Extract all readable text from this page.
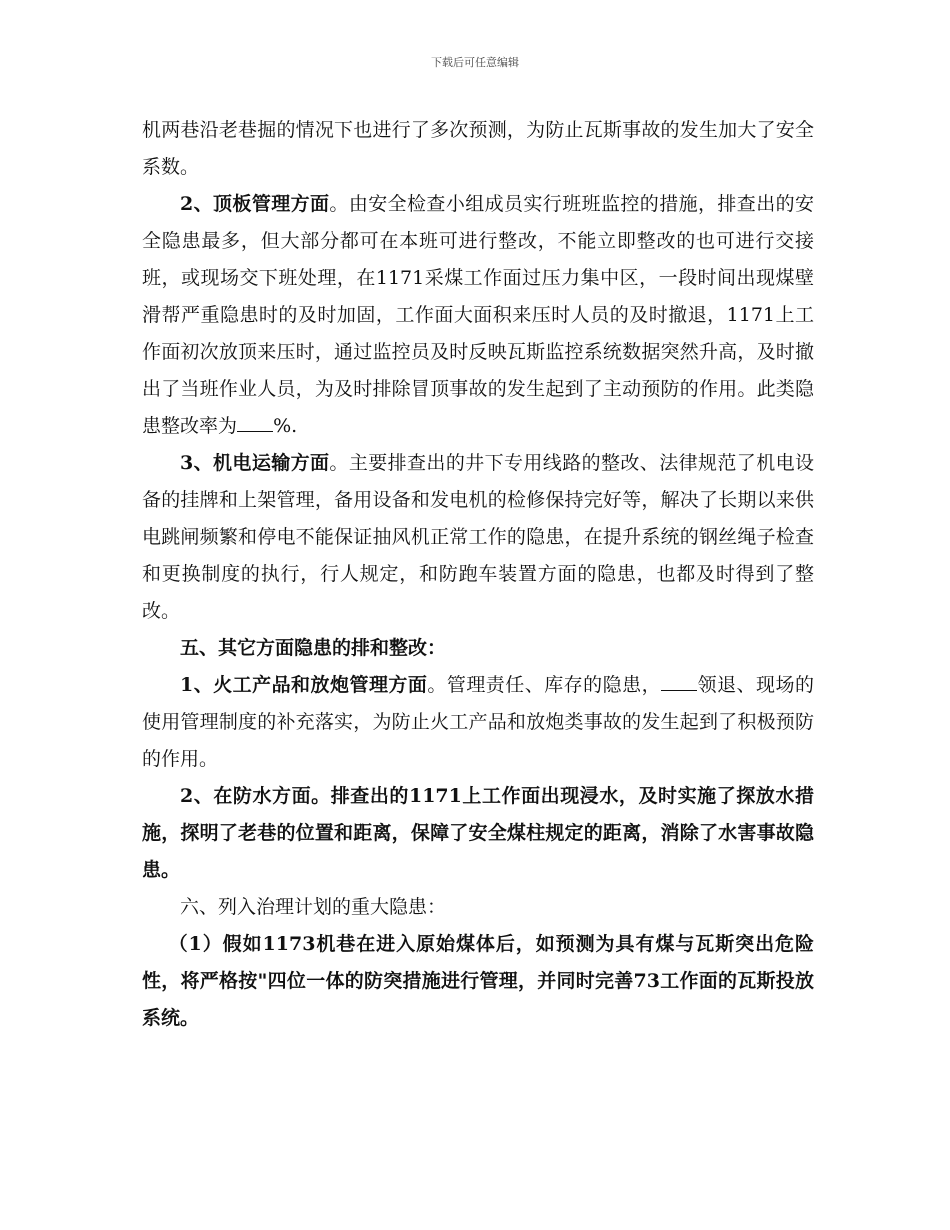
下载后可任意编辑

机两巷沿老巷掘的情况下也进行了多次预测，为防止瓦斯事故的发生加大了安全系数。

2、顶板管理方面。由安全检查小组成员实行班班监控的措施，排查出的安全隐患最多，但大部分都可在本班可进行整改，不能立即整改的也可进行交接班，或现场交下班处理，在1171采煤工作面过压力集中区，一段时间出现煤壁滑帮严重隐患时的及时加固，工作面大面积来压时人员的及时撤退，1171上工作面初次放顶来压时，通过监控员及时反映瓦斯监控系统数据突然升高，及时撤出了当班作业人员，为及时排除冒顶事故的发生起到了主动预防的作用。此类隐患整改率为 %.

3、机电运输方面。主要排查出的井下专用线路的整改、法律规范了机电设备的挂牌和上架管理，备用设备和发电机的检修保持完好等，解决了长期以来供电跳闸频繁和停电不能保证抽风机正常工作的隐患，在提升系统的钢丝绳子检查和更换制度的执行，行人规定，和防跑车装置方面的隐患，也都及时得到了整改。

五、其它方面隐患的排和整改：

1、火工产品和放炮管理方面。管理责任、库存的隐患， 领退、现场的使用管理制度的补充落实，为防止火工产品和放炮类事故的发生起到了积极预防的作用。

2、在防水方面。排查出的1171上工作面出现浸水，及时实施了探放水措施，探明了老巷的位置和距离，保障了安全煤柱规定的距离，消除了水害事故隐患。

六、列入治理计划的重大隐患：

（1）假如1173机巷在进入原始煤体后，如预测为具有煤与瓦斯突出危险性，将严格按"四位一体的防突措施进行管理，并同时完善73工作面的瓦斯投放系统。
